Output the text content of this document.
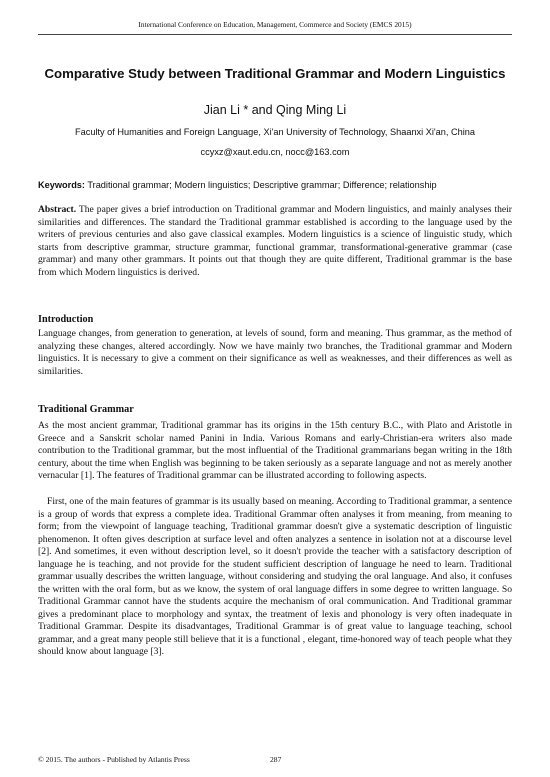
International Conference on Education, Management, Commerce and Society (EMCS 2015)
Comparative Study between Traditional Grammar and Modern Linguistics
Jian Li * and Qing Ming Li
Faculty of Humanities and Foreign Language, Xi'an University of Technology, Shaanxi Xi'an, China
ccyxz@xaut.edu.cn, nocc@163.com
Keywords: Traditional grammar; Modern linguistics; Descriptive grammar; Difference; relationship
Abstract. The paper gives a brief introduction on Traditional grammar and Modern linguistics, and mainly analyses their similarities and differences. The standard the Traditional grammar established is according to the language used by the writers of previous centuries and also gave classical examples. Modern linguistics is a science of linguistic study, which starts from descriptive grammar, structure grammar, functional grammar, transformational-generative grammar (case grammar) and many other grammars. It points out that though they are quite different, Traditional grammar is the base from which Modern linguistics is derived.
Introduction
Language changes, from generation to generation, at levels of sound, form and meaning. Thus grammar, as the method of analyzing these changes, altered accordingly. Now we have mainly two branches, the Traditional grammar and Modern linguistics. It is necessary to give a comment on their significance as well as weaknesses, and their differences as well as similarities.
Traditional Grammar
As the most ancient grammar, Traditional grammar has its origins in the 15th century B.C., with Plato and Aristotle in Greece and a Sanskrit scholar named Panini in India. Various Romans and early-Christian-era writers also made contribution to the Traditional grammar, but the most influential of the Traditional grammarians began writing in the 18th century, about the time when English was beginning to be taken seriously as a separate language and not as merely another vernacular [1]. The features of Traditional grammar can be illustrated according to following aspects.
First, one of the main features of grammar is its usually based on meaning. According to Traditional grammar, a sentence is a group of words that express a complete idea. Traditional Grammar often analyses it from meaning, from meaning to form; from the viewpoint of language teaching, Traditional grammar doesn't give a systematic description of linguistic phenomenon. It often gives description at surface level and often analyzes a sentence in isolation not at a discourse level [2]. And sometimes, it even without description level, so it doesn't provide the teacher with a satisfactory description of language he is teaching, and not provide for the student sufficient description of language he need to learn. Traditional grammar usually describes the written language, without considering and studying the oral language. And also, it confuses the written with the oral form, but as we know, the system of oral language differs in some degree to written language. So Traditional Grammar cannot have the students acquire the mechanism of oral communication. And Traditional grammar gives a predominant place to morphology and syntax, the treatment of lexis and phonology is very often inadequate in Traditional Grammar. Despite its disadvantages, Traditional Grammar is of great value to language teaching, school grammar, and a great many people still believe that it is a functional , elegant, time-honored way of teach people what they should know about language [3].
© 2015. The authors - Published by Atlantis Press	287
